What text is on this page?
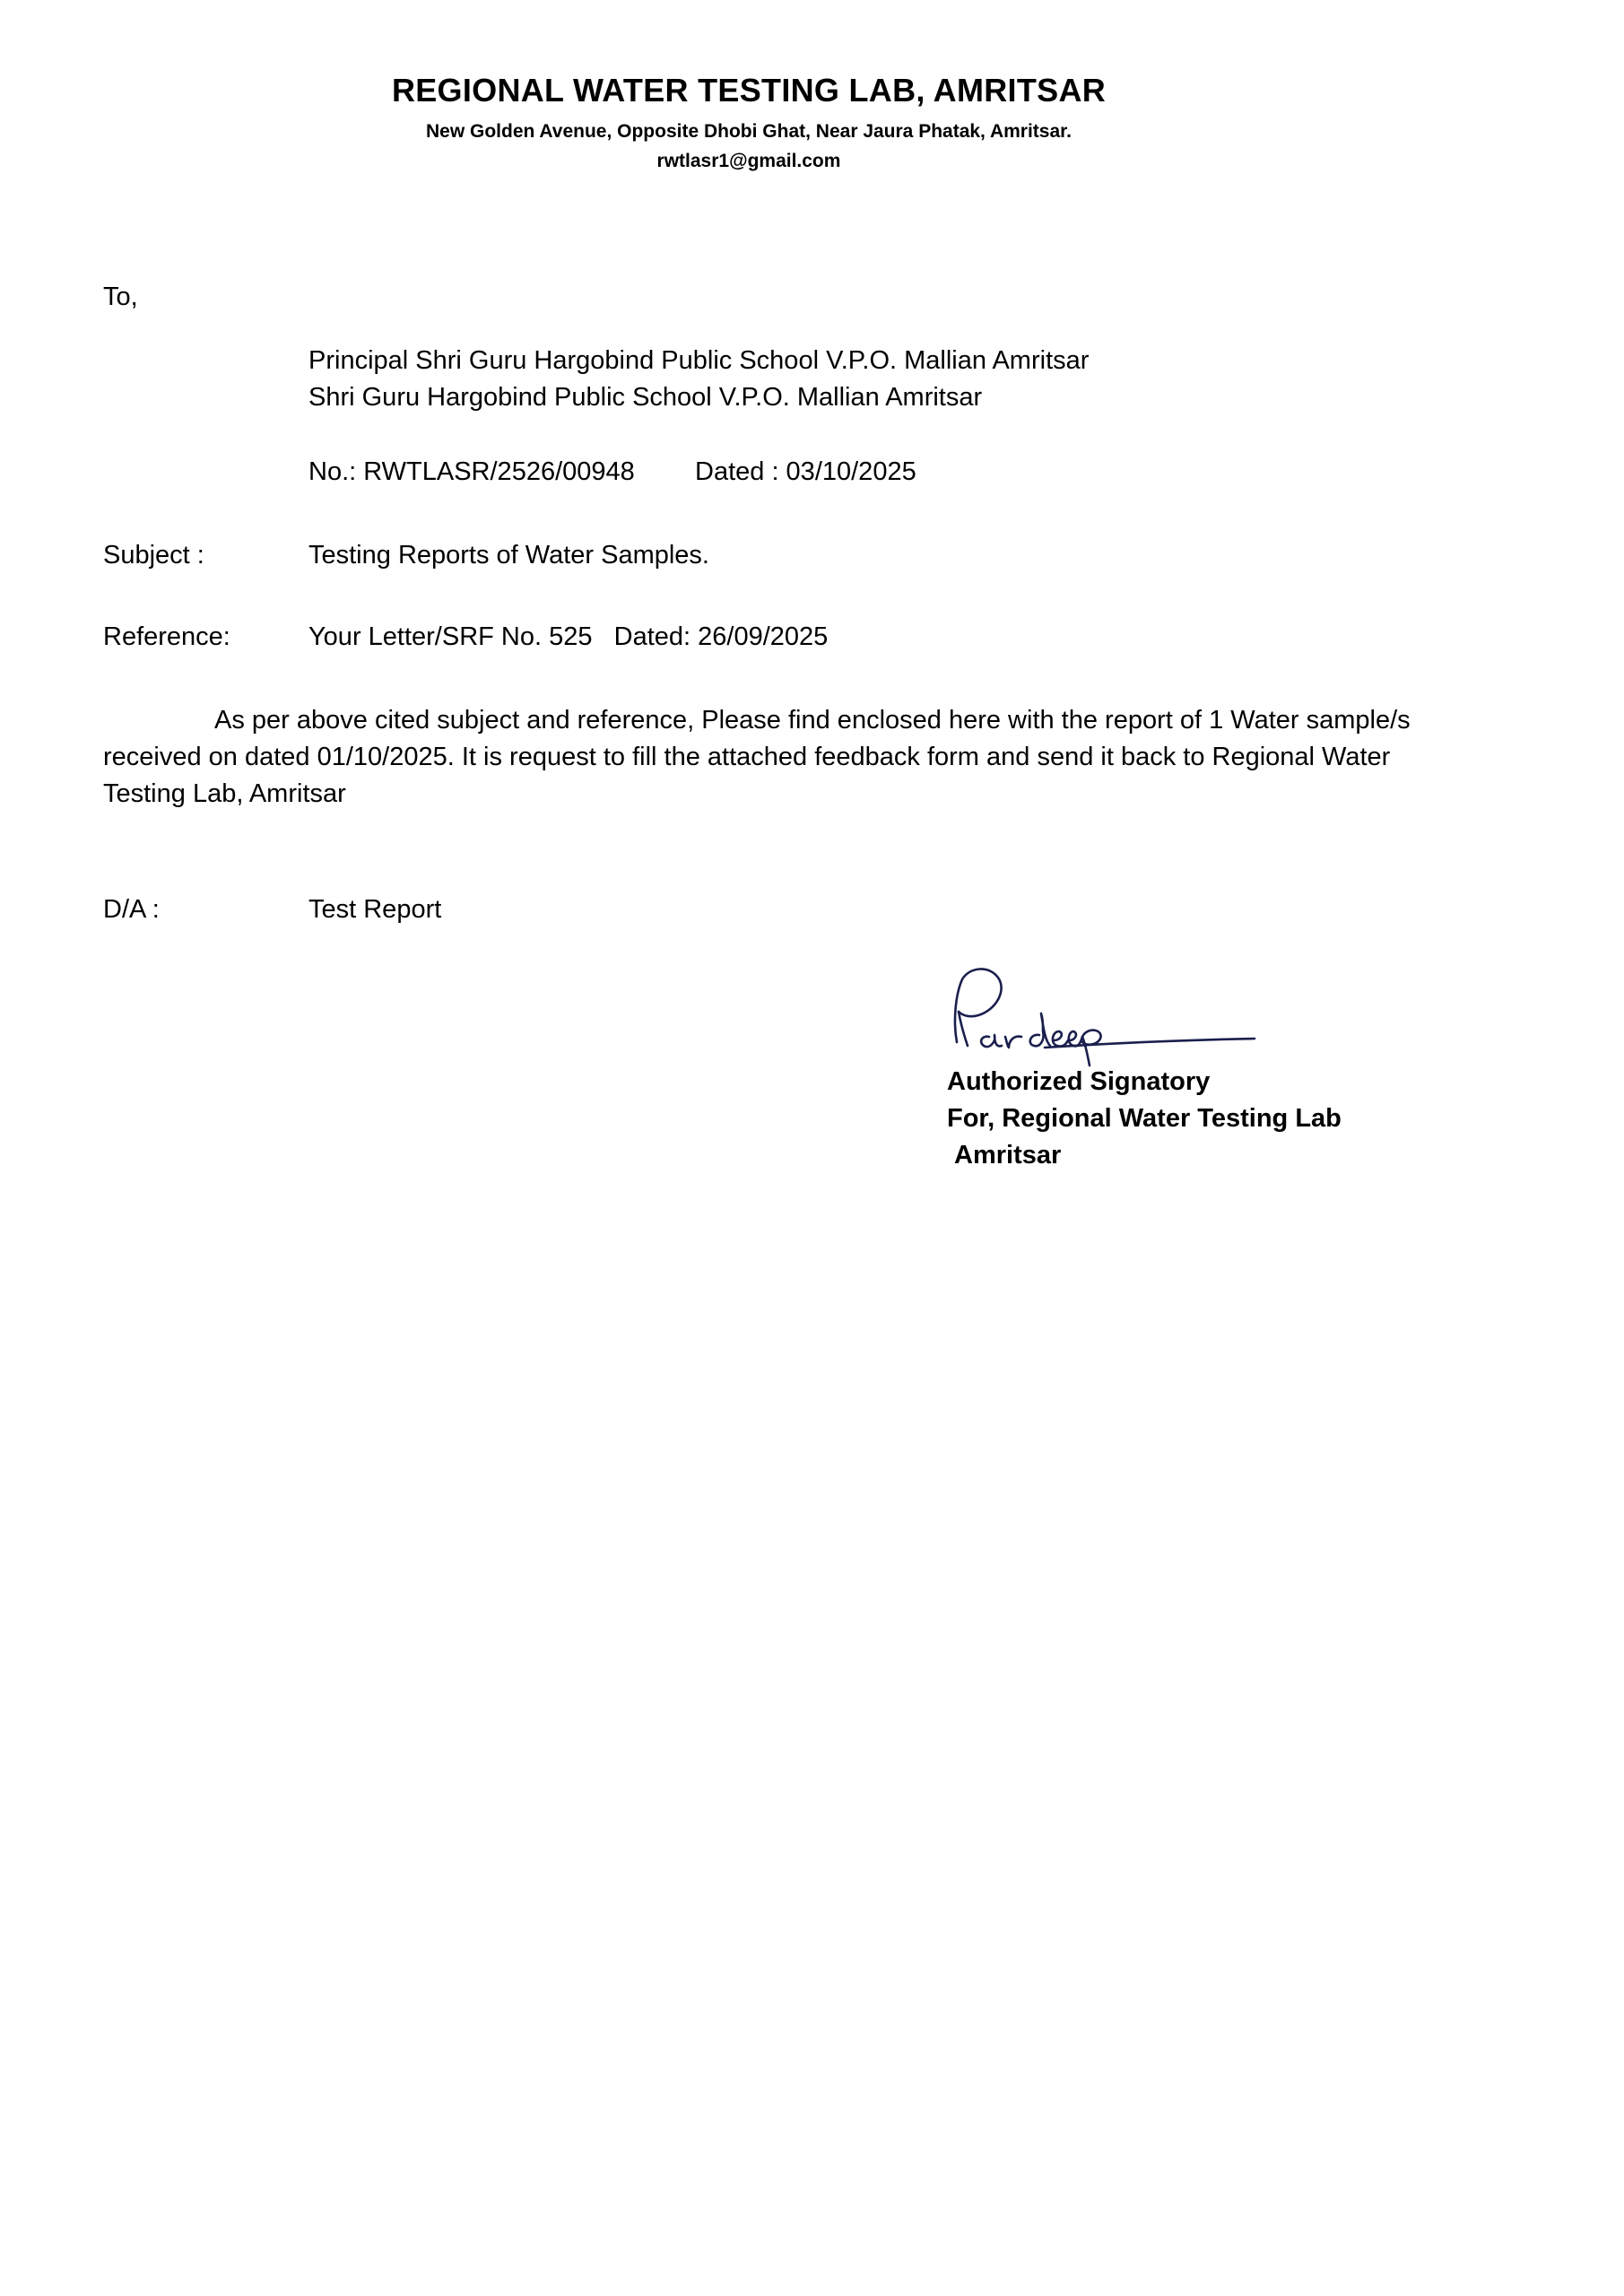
REGIONAL WATER TESTING LAB, AMRITSAR
New Golden Avenue, Opposite Dhobi Ghat, Near Jaura Phatak, Amritsar.
rwtlasr1@gmail.com
To,
Principal Shri Guru Hargobind Public School V.P.O. Mallian Amritsar
Shri Guru Hargobind Public School V.P.O. Mallian Amritsar
No.: RWTLASR/2526/00948 Dated : 03/10/2025
Subject :	Testing Reports of Water Samples.
Reference:	Your Letter/SRF No. 525   Dated: 26/09/2025
As per above cited subject and reference, Please find enclosed here with the report of 1 Water sample/s
received on dated 01/10/2025. It is request to fill the attached feedback form and send it back to Regional Water
Testing Lab, Amritsar
D/A :	Test Report
Authorized Signatory
For, Regional Water Testing Lab
Amritsar
